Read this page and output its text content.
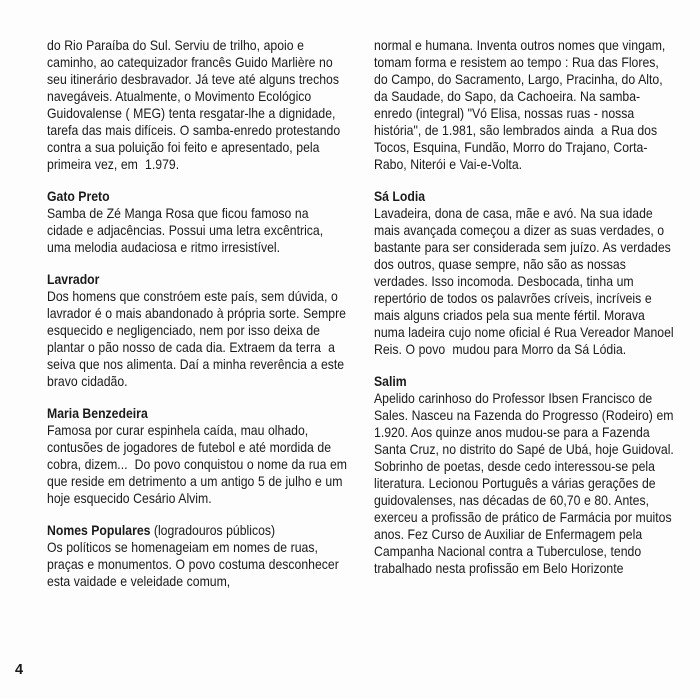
do Rio Paraíba do Sul. Serviu de trilho, apoio e caminho, ao catequizador francês Guido Marlière no seu itinerário desbravador. Já teve até alguns trechos navegáveis. Atualmente, o Movimento Ecológico Guidovalense ( MEG) tenta resgatar-lhe a dignidade, tarefa das mais difíceis. O samba-enredo protestando contra a sua poluição foi feito e apresentado, pela primeira vez, em  1.979.

Gato Preto

Samba de Zé Manga Rosa que ficou famoso na cidade e adjacências. Possui uma letra excêntrica, uma melodia audaciosa e ritmo irresistível.

Lavrador

Dos homens que constróem este país, sem dúvida, o lavrador é o mais abandonado à própria sorte. Sempre esquecido e negligenciado, nem por isso deixa de plantar o pão nosso de cada dia. Extraem da terra  a seiva que nos alimenta. Daí a minha reverência a este bravo cidadão.

Maria Benzedeira

Famosa por curar espinhela caída, mau olhado, contusões de jogadores de futebol e até mordida de cobra, dizem...  Do povo conquistou o nome da rua em que reside em detrimento a um antigo 5 de julho e um hoje esquecido Cesário Alvim.

Nomes Populares (logradouros públicos)

Os políticos se homenageiam em nomes de ruas, praças e monumentos. O povo costuma desconhecer esta vaidade e veleidade comum,

normal e humana. Inventa outros nomes que vingam, tomam forma e resistem ao tempo : Rua das Flores, do Campo, do Sacramento, Largo, Pracinha, do Alto, da Saudade, do Sapo, da Cachoeira. Na samba-enredo (integral) "Vó Elisa, nossas ruas - nossa história", de 1.981, são lembrados ainda  a Rua dos Tocos, Esquina, Fundão, Morro do Trajano, Corta-Rabo, Niterói e Vai-e-Volta.

Sá Lodia

Lavadeira, dona de casa, mãe e avó. Na sua idade mais avançada começou a dizer as suas verdades, o bastante para ser considerada sem juízo. As verdades dos outros, quase sempre, não são as nossas verdades. Isso incomoda. Desbocada, tinha um repertório de todos os palavrões críveis, incríveis e mais alguns criados pela sua mente fértil. Morava numa ladeira cujo nome oficial é Rua Vereador Manoel Reis. O povo  mudou para Morro da Sá Lódia.

Salim

Apelido carinhoso do Professor Ibsen Francisco de Sales. Nasceu na Fazenda do Progresso (Rodeiro) em 1.920. Aos quinze anos mudou-se para a Fazenda Santa Cruz, no distrito do Sapé de Ubá, hoje Guidoval. Sobrinho de poetas, desde cedo interessou-se pela literatura. Lecionou Português a várias gerações de guidovalenses, nas décadas de 60,70 e 80. Antes, exerceu a profissão de prático de Farmácia por muitos anos. Fez Curso de Auxiliar de Enfermagem pela Campanha Nacional contra a Tuberculose, tendo trabalhado nesta profissão em Belo Horizonte

4
